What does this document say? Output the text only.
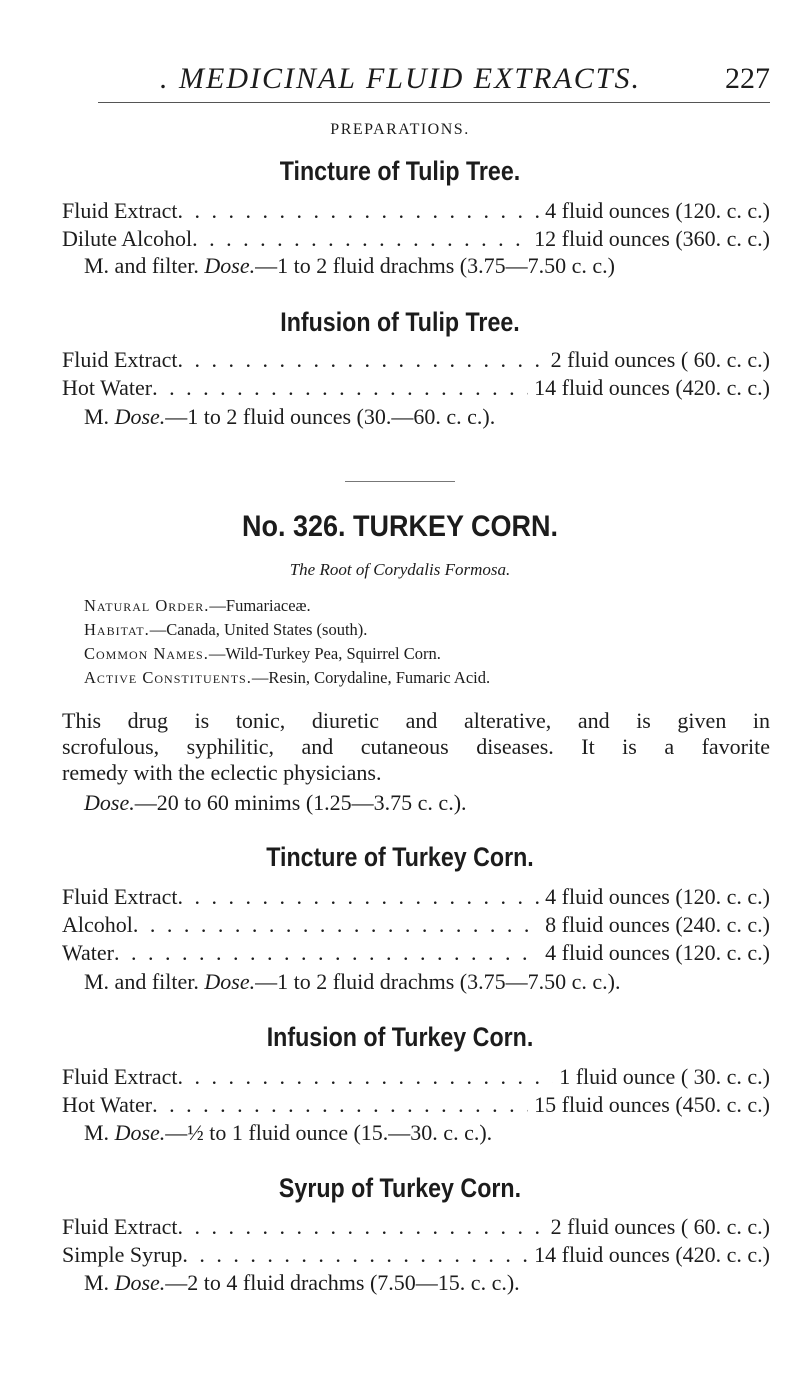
. MEDICINAL FLUID EXTRACTS.	227
PREPARATIONS.
Tincture of Tulip Tree.
Fluid Extract . . .	4 fluid ounces (120. c. c.)
Dilute Alcohol . . .	12 fluid ounces (360. c. c.)
M. and filter. Dose.—1 to 2 fluid drachms (3.75—7.50 c. c.)
Infusion of Tulip Tree.
Fluid Extract . . .	2 fluid ounces ( 60. c. c.)
Hot Water . . .	14 fluid ounces (420. c. c.)
M. Dose.—1 to 2 fluid ounces (30.—60. c. c.).
No. 326. TURKEY CORN.
The Root of Corydalis Formosa.
Natural Order.—Fumariaceæ.
Habitat.—Canada, United States (south).
Common Names.—Wild-Turkey Pea, Squirrel Corn.
Active Constituents.—Resin, Corydaline, Fumaric Acid.
This drug is tonic, diuretic and alterative, and is given in
scrofulous, syphilitic, and cutaneous diseases. It is a favorite
remedy with the eclectic physicians.
Dose.—20 to 60 minims (1.25—3.75 c. c.).
Tincture of Turkey Corn.
Fluid Extract . . .	4 fluid ounces (120. c. c.)
Alcohol . . .	8 fluid ounces (240. c. c.)
Water . . .	4 fluid ounces (120. c. c.)
M. and filter. Dose.—1 to 2 fluid drachms (3.75—7.50 c. c.).
Infusion of Turkey Corn.
Fluid Extract . . .	1 fluid ounce ( 30. c. c.)
Hot Water . . .	15 fluid ounces (450. c. c.)
M. Dose.—½ to 1 fluid ounce (15.—30. c. c.).
Syrup of Turkey Corn.
Fluid Extract . . .	2 fluid ounces ( 60. c. c.)
Simple Syrup . . .	14 fluid ounces (420. c. c.)
M. Dose.—2 to 4 fluid drachms (7.50—15. c. c.).
